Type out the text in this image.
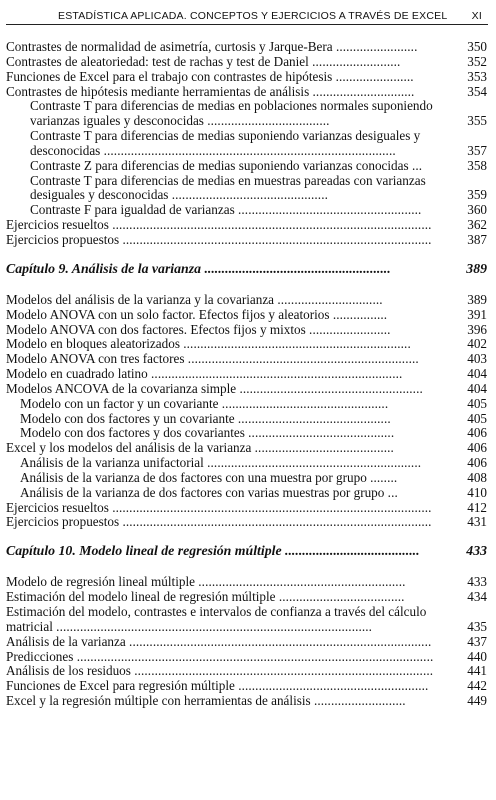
ESTADÍSTICA APLICADA. CONCEPTOS Y EJERCICIOS A TRAVÉS DE EXCEL XI
Contrastes de normalidad de asimetría, curtosis y Jarque-Bera ........................	350
Contrastes de aleatoriedad: test de rachas y test de Daniel ..........................	352
Funciones de Excel para el trabajo con contrastes de hipótesis .......................	353
Contrastes de hipótesis mediante herramientas de análisis ..............................	354
Contraste T para diferencias de medias en poblaciones normales suponiendo varianzas iguales y desconocidas ....................................	355
Contraste T para diferencias de medias suponiendo varianzas desiguales y desconocidas ......................................................................................	357
Contraste Z para diferencias de medias suponiendo varianzas conocidas ...	358
Contraste T para diferencias de medias en muestras pareadas con varianzas desiguales y desconocidas ..............................................	359
Contraste F para igualdad de varianzas ......................................................	360
Ejercicios resueltos ..............................................................................................	362
Ejercicios propuestos ...........................................................................................	387
Capítulo 9. Análisis de la varianza ......................................................	389
Modelos del análisis de la varianza y la covarianza ...............................	389
Modelo ANOVA con un solo factor. Efectos fijos y aleatorios ................	391
Modelo ANOVA con dos factores. Efectos fijos y mixtos ........................	396
Modelo en bloques aleatorizados ...................................................................	402
Modelo ANOVA con tres factores ....................................................................	403
Modelo en cuadrado latino ..........................................................................	404
Modelos ANCOVA de la covarianza simple ......................................................	404
Modelo con un factor y un covariante .................................................	405
Modelo con dos factores y un covariante .............................................	405
Modelo con dos factores y dos covariantes ...........................................	406
Excel y los modelos del análisis de la varianza .........................................	406
Análisis de la varianza unifactorial ...............................................................	406
Análisis de la varianza de dos factores con una muestra por grupo ........	408
Análisis de la varianza de dos factores con varias muestras por grupo ...	410
Ejercicios resueltos ..............................................................................................	412
Ejercicios propuestos ...........................................................................................	431
Capítulo 10. Modelo lineal de regresión múltiple .......................................	433
Modelo de regresión lineal múltiple .............................................................	433
Estimación del modelo lineal de regresión múltiple .....................................	434
Estimación del modelo, contrastes e intervalos de confianza a través del cálculo matricial .............................................................................................	435
Análisis de la varianza .........................................................................................	437
Predicciones .........................................................................................................	440
Análisis de los residuos ........................................................................................	441
Funciones de Excel para regresión múltiple ........................................................	442
Excel y la regresión múltiple con herramientas de análisis ...........................	449
